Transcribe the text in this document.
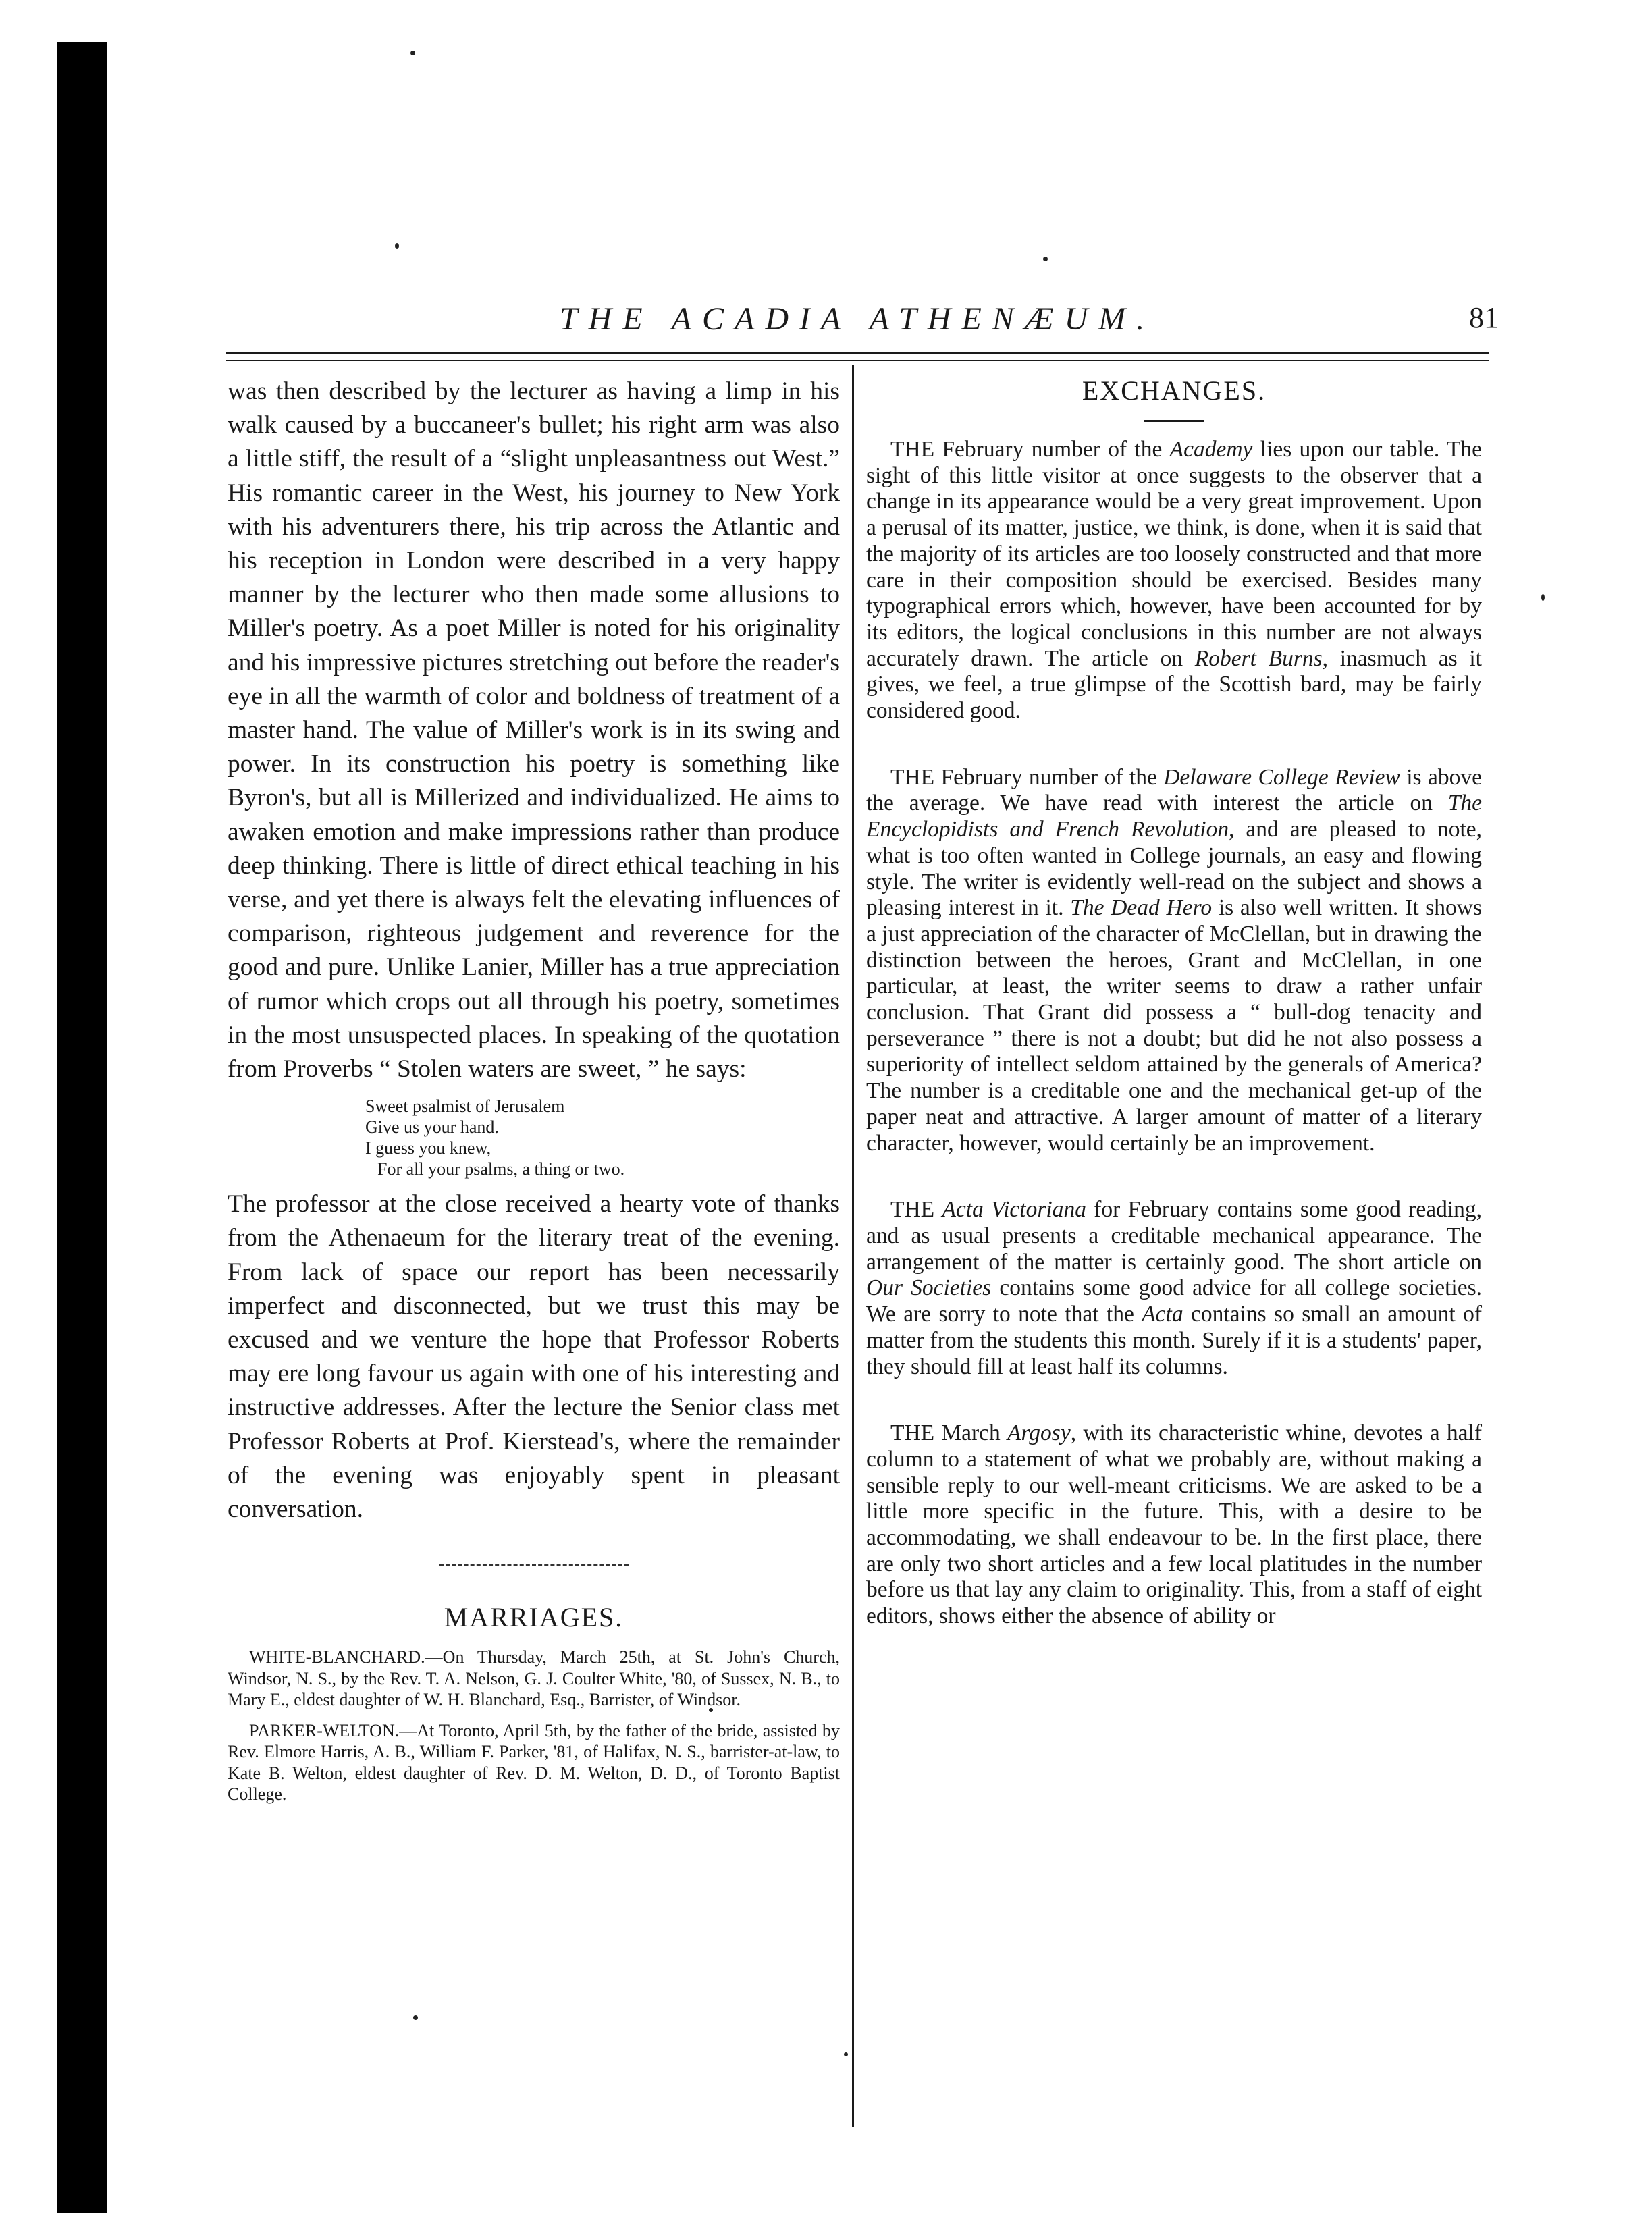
THE ACADIA ATHENÆUM.	81

was then described by the lecturer as having a limp in his walk caused by a buccaneer's bullet; his right arm was also a little stiff, the result of a “slight unpleasantness out West.” His romantic career in the West, his journey to New York with his adventurers there, his trip across the Atlantic and his reception in London were described in a very happy manner by the lecturer who then made some allusions to Miller's poetry. As a poet Miller is noted for his originality and his impressive pictures stretching out before the reader's eye in all the warmth of color and boldness of treatment of a master hand. The value of Miller's work is in its swing and power. In its construction his poetry is something like Byron's, but all is Millerized and individualized. He aims to awaken emotion and make impressions rather than produce deep thinking. There is little of direct ethical teaching in his verse, and yet there is always felt the elevating influences of comparison, righteous judgement and reverence for the good and pure. Unlike Lanier, Miller has a true appreciation of rumor which crops out all through his poetry, sometimes in the most unsuspected places. In speaking of the quotation from Proverbs “ Stolen waters are sweet, ” he says:

Sweet psalmist of Jerusalem
Give us your hand.
I guess you knew,
For all your psalms, a thing or two.

The professor at the close received a hearty vote of thanks from the Athenaeum for the literary treat of the evening. From lack of space our report has been necessarily imperfect and disconnected, but we trust this may be excused and we venture the hope that Professor Roberts may ere long favour us again with one of his interesting and instructive addresses. After the lecture the Senior class met Professor Roberts at Prof. Kierstead's, where the remainder of the evening was enjoyably spent in pleasant conversation.

MARRIAGES.

WHITE-BLANCHARD.—On Thursday, March 25th, at St. John's Church, Windsor, N. S., by the Rev. T. A. Nelson, G. J. Coulter White, '80, of Sussex, N. B., to Mary E., eldest daughter of W. H. Blanchard, Esq., Barrister, of Windsor.

PARKER-WELTON.—At Toronto, April 5th, by the father of the bride, assisted by Rev. Elmore Harris, A. B., William F. Parker, '81, of Halifax, N. S., barrister-at-law, to Kate B. Welton, eldest daughter of Rev. D. M. Welton, D. D., of Toronto Baptist College.

EXCHANGES.

THE February number of the Academy lies upon our table. The sight of this little visitor at once suggests to the observer that a change in its appearance would be a very great improvement. Upon a perusal of its matter, justice, we think, is done, when it is said that the majority of its articles are too loosely constructed and that more care in their composition should be exercised. Besides many typographical errors which, however, have been accounted for by its editors, the logical conclusions in this number are not always accurately drawn. The article on Robert Burns, inasmuch as it gives, we feel, a true glimpse of the Scottish bard, may be fairly considered good.

THE February number of the Delaware College Review is above the average. We have read with interest the article on The Encyclopidists and French Revolution, and are pleased to note, what is too often wanted in College journals, an easy and flowing style. The writer is evidently well-read on the subject and shows a pleasing interest in it. The Dead Hero is also well written. It shows a just appreciation of the character of McClellan, but in drawing the distinction between the heroes, Grant and McClellan, in one particular, at least, the writer seems to draw a rather unfair conclusion. That Grant did possess a “ bull-dog tenacity and perseverance ” there is not a doubt; but did he not also possess a superiority of intellect seldom attained by the generals of America? The number is a creditable one and the mechanical get-up of the paper neat and attractive. A larger amount of matter of a literary character, however, would certainly be an improvement.

THE Acta Victoriana for February contains some good reading, and as usual presents a creditable mechanical appearance. The arrangement of the matter is certainly good. The short article on Our Societies contains some good advice for all college societies. We are sorry to note that the Acta contains so small an amount of matter from the students this month. Surely if it is a students' paper, they should fill at least half its columns.

THE March Argosy, with its characteristic whine, devotes a half column to a statement of what we probably are, without making a sensible reply to our well-meant criticisms. We are asked to be a little more specific in the future. This, with a desire to be accommodating, we shall endeavour to be. In the first place, there are only two short articles and a few local platitudes in the number before us that lay any claim to originality. This, from a staff of eight editors, shows either the absence of ability or
